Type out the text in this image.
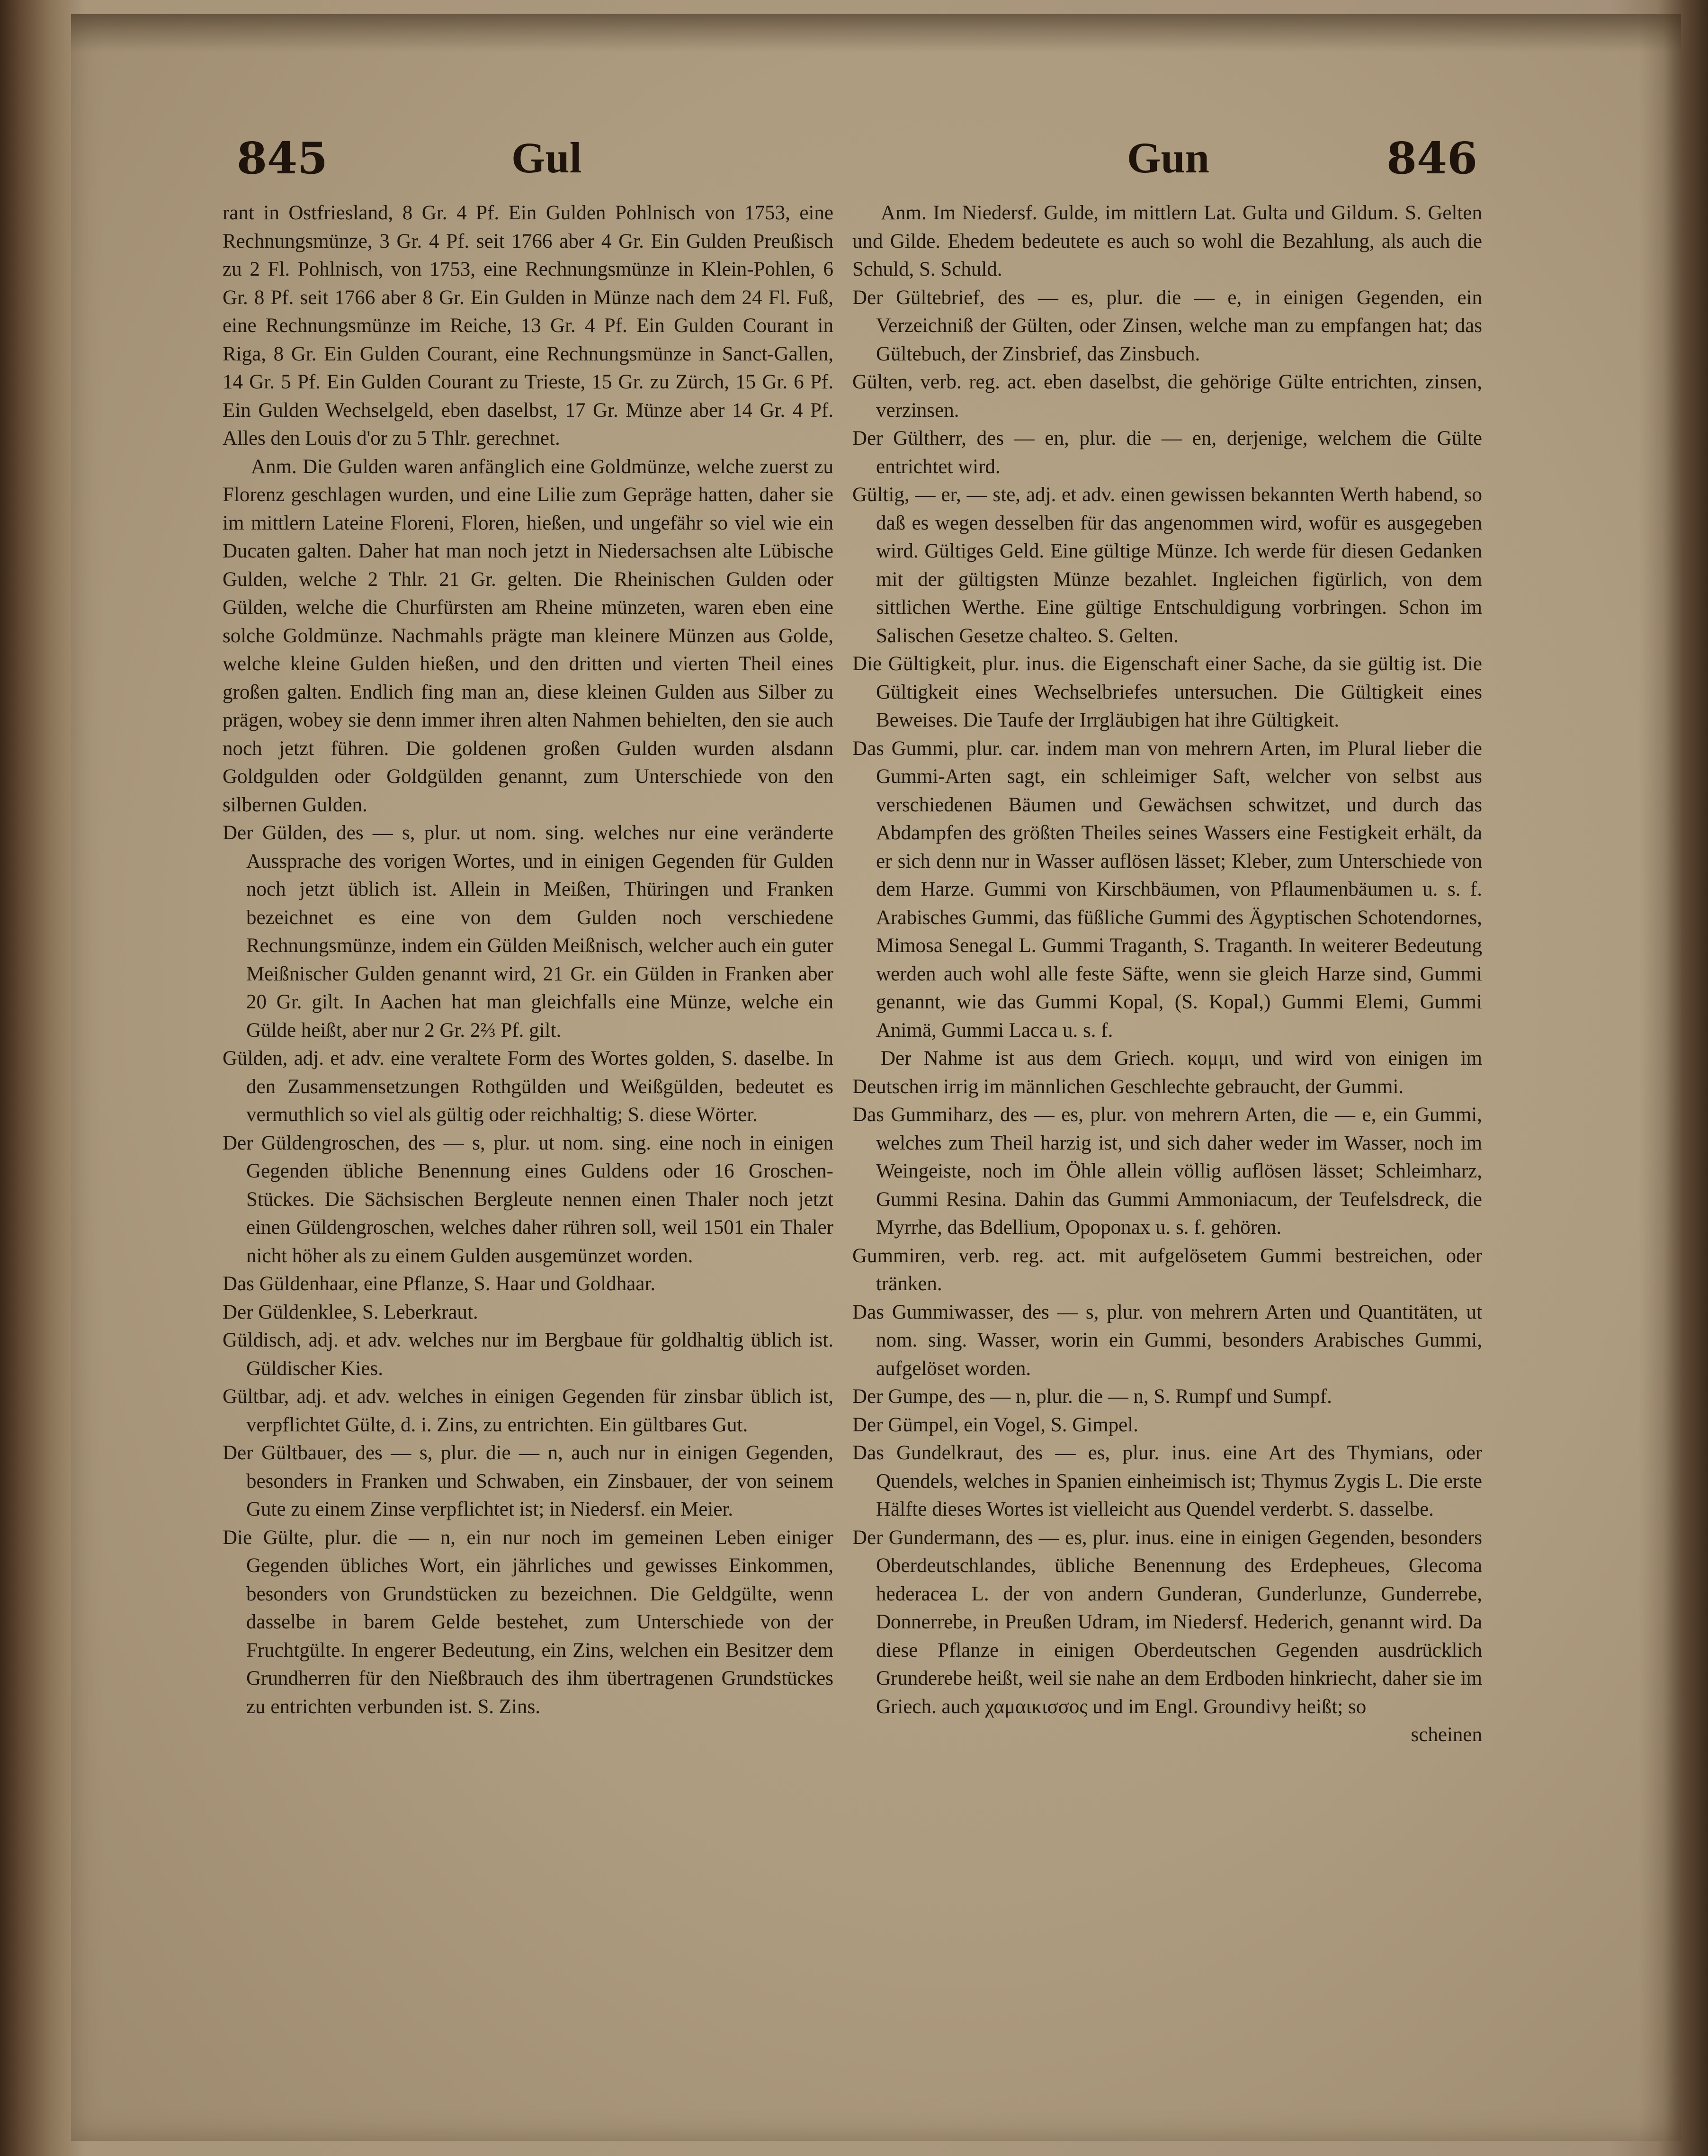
845	Gul	Gun	846

rant in Ostfriesland, 8 Gr. 4 Pf. Ein Gulden Pohlnisch von 1753, eine Rechnungsmünze, 3 Gr. 4 Pf. seit 1766 aber 4 Gr. Ein Gulden Preußisch zu 2 Fl. Pohlnisch, von 1753, eine Rechnungsmünze in Klein-Pohlen, 6 Gr. 8 Pf. seit 1766 aber 8 Gr. Ein Gulden in Münze nach dem 24 Fl. Fuß, eine Rechnungsmünze im Reiche, 13 Gr. 4 Pf. Ein Gulden Courant in Riga, 8 Gr. Ein Gulden Courant, eine Rechnungsmünze in Sanct-Gallen, 14 Gr. 5 Pf. Ein Gulden Courant zu Trieste, 15 Gr. zu Zürch, 15 Gr. 6 Pf. Ein Gulden Wechselgeld, eben daselbst, 17 Gr. Münze aber 14 Gr. 4 Pf. Alles den Louis d'or zu 5 Thlr. gerechnet.

Anm. Die Gulden waren anfänglich eine Goldmünze, welche zuerst zu Florenz geschlagen wurden, und eine Lilie zum Gepräge hatten, daher sie im mittlern Lateine Floreni, Floren, hießen, und ungefähr so viel wie ein Ducaten galten. Daher hat man noch jetzt in Niedersachsen alte Lübische Gulden, welche 2 Thlr. 21 Gr. gelten. Die Rheinischen Gulden oder Gülden, welche die Churfürsten am Rheine münzeten, waren eben eine solche Goldmünze. Nachmahls prägte man kleinere Münzen aus Golde, welche kleine Gulden hießen, und den dritten und vierten Theil eines großen galten. Endlich fing man an, diese kleinen Gulden aus Silber zu prägen, wobey sie denn immer ihren alten Nahmen behielten, den sie auch noch jetzt führen. Die goldenen großen Gulden wurden alsdann Goldgulden oder Goldgülden genannt, zum Unterschiede von den silbernen Gulden.

Der Gülden, des — s, plur. ut nom. sing. welches nur eine veränderte Aussprache des vorigen Wortes, und in einigen Gegenden für Gulden noch jetzt üblich ist. Allein in Meißen, Thüringen und Franken bezeichnet es eine von dem Gulden noch verschiedene Rechnungsmünze, indem ein Gülden Meißnisch, welcher auch ein guter Meißnischer Gulden genannt wird, 21 Gr. ein Gülden in Franken aber 20 Gr. gilt. In Aachen hat man gleichfalls eine Münze, welche ein Gülde heißt, aber nur 2 Gr. 2⅔ Pf. gilt.

Gülden, adj. et adv. eine veraltete Form des Wortes golden, S. daselbe. In den Zusammensetzungen Rothgülden und Weißgülden, bedeutet es vermuthlich so viel als gültig oder reichhaltig; S. diese Wörter.

Der Güldengroschen, des — s, plur. ut nom. sing. eine noch in einigen Gegenden übliche Benennung eines Guldens oder 16 Groschen-Stückes. Die Sächsischen Bergleute nennen einen Thaler noch jetzt einen Güldengroschen, welches daher rühren soll, weil 1501 ein Thaler nicht höher als zu einem Gulden ausgemünzet worden.

Das Güldenhaar, eine Pflanze, S. Haar und Goldhaar.

Der Güldenklee, S. Leberkraut.

Güldisch, adj. et adv. welches nur im Bergbaue für goldhaltig üblich ist. Güldischer Kies.

Gültbar, adj. et adv. welches in einigen Gegenden für zinsbar üblich ist, verpflichtet Gülte, d. i. Zins, zu entrichten. Ein gültbares Gut.

Der Gültbauer, des — s, plur. die — n, auch nur in einigen Gegenden, besonders in Franken und Schwaben, ein Zinsbauer, der von seinem Gute zu einem Zinse verpflichtet ist; in Niedersf. ein Meier.

Die Gülte, plur. die — n, ein nur noch im gemeinen Leben einiger Gegenden übliches Wort, ein jährliches und gewisses Einkommen, besonders von Grundstücken zu bezeichnen. Die Geldgülte, wenn dasselbe in barem Gelde bestehet, zum Unterschiede von der Fruchtgülte. In engerer Bedeutung, ein Zins, welchen ein Besitzer dem Grundherren für den Nießbrauch des ihm übertragenen Grundstückes zu entrichten verbunden ist. S. Zins.

Anm. Im Niedersf. Gulde, im mittlern Lat. Gulta und Gildum. S. Gelten und Gilde. Ehedem bedeutete es auch so wohl die Bezahlung, als auch die Schuld, S. Schuld.

Der Gültebrief, des — es, plur. die — e, in einigen Gegenden, ein Verzeichniß der Gülten, oder Zinsen, welche man zu empfangen hat; das Gültebuch, der Zinsbrief, das Zinsbuch.

Gülten, verb. reg. act. eben daselbst, die gehörige Gülte entrichten, zinsen, verzinsen.

Der Gültherr, des — en, plur. die — en, derjenige, welchem die Gülte entrichtet wird.

Gültig, — er, — ste, adj. et adv. einen gewissen bekannten Werth habend, so daß es wegen desselben für das angenommen wird, wofür es ausgegeben wird. Gültiges Geld. Eine gültige Münze. Ich werde für diesen Gedanken mit der gültigsten Münze bezahlet. Ingleichen figürlich, von dem sittlichen Werthe. Eine gültige Entschuldigung vorbringen. Schon im Salischen Gesetze chalteo. S. Gelten.

Die Gültigkeit, plur. inus. die Eigenschaft einer Sache, da sie gültig ist. Die Gültigkeit eines Wechselbriefes untersuchen. Die Gültigkeit eines Beweises. Die Taufe der Irrgläubigen hat ihre Gültigkeit.

Das Gummi, plur. car. indem man von mehrern Arten, im Plural lieber die Gummi-Arten sagt, ein schleimiger Saft, welcher von selbst aus verschiedenen Bäumen und Gewächsen schwitzet, und durch das Abdampfen des größten Theiles seines Wassers eine Festigkeit erhält, da er sich denn nur in Wasser auflösen lässet; Kleber, zum Unterschiede von dem Harze. Gummi von Kirschbäumen, von Pflaumenbäumen u. s. f. Arabisches Gummi, das füßliche Gummi des Ägyptischen Schotendornes, Mimosa Senegal L. Gummi Traganth, S. Traganth. In weiterer Bedeutung werden auch wohl alle feste Säfte, wenn sie gleich Harze sind, Gummi genannt, wie das Gummi Kopal, (S. Kopal,) Gummi Elemi, Gummi Animä, Gummi Lacca u. s. f.

Der Nahme ist aus dem Griech. κομμι, und wird von einigen im Deutschen irrig im männlichen Geschlechte gebraucht, der Gummi.

Das Gummiharz, des — es, plur. von mehrern Arten, die — e, ein Gummi, welches zum Theil harzig ist, und sich daher weder im Wasser, noch im Weingeiste, noch im Öhle allein völlig auflösen lässet; Schleimharz, Gummi Resina. Dahin das Gummi Ammoniacum, der Teufelsdreck, die Myrrhe, das Bdellium, Opoponax u. s. f. gehören.

Gummiren, verb. reg. act. mit aufgelösetem Gummi bestreichen, oder tränken.

Das Gummiwasser, des — s, plur. von mehrern Arten und Quantitäten, ut nom. sing. Wasser, worin ein Gummi, besonders Arabisches Gummi, aufgelöset worden.

Der Gumpe, des — n, plur. die — n, S. Rumpf und Sumpf.

Der Gümpel, ein Vogel, S. Gimpel.

Das Gundelkraut, des — es, plur. inus. eine Art des Thymians, oder Quendels, welches in Spanien einheimisch ist; Thymus Zygis L. Die erste Hälfte dieses Wortes ist vielleicht aus Quendel verderbt. S. dasselbe.

Der Gundermann, des — es, plur. inus. eine in einigen Gegenden, besonders Oberdeutschlandes, übliche Benennung des Erdepheues, Glecoma hederacea L. der von andern Gunderan, Gunderlunze, Gunderrebe, Donnerrebe, in Preußen Udram, im Niedersf. Hederich, genannt wird. Da diese Pflanze in einigen Oberdeutschen Gegenden ausdrücklich Grunderebe heißt, weil sie nahe an dem Erdboden hinkriecht, daher sie im Griech. auch χαμαικισσος und im Engl. Groundivy heißt; so

scheinen
